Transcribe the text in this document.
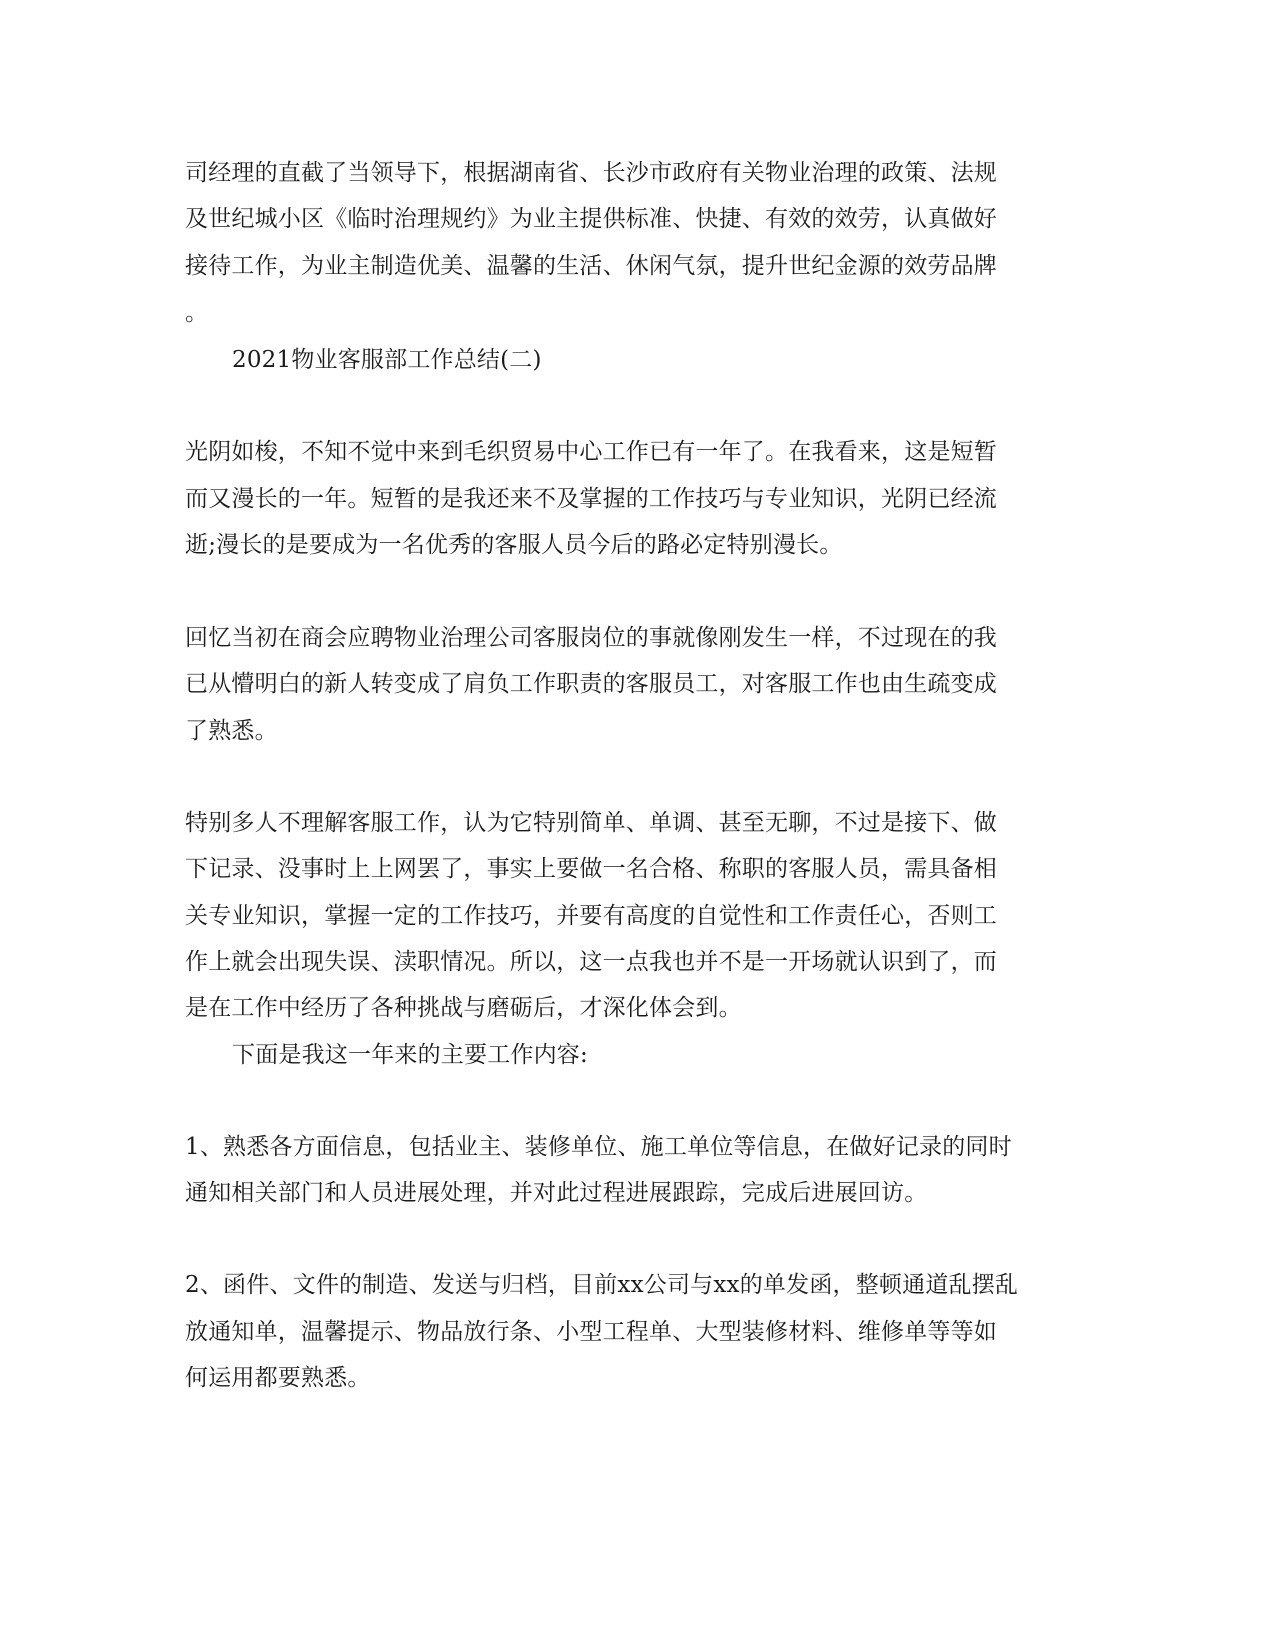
司经理的直截了当领导下，根据湖南省、长沙市政府有关物业治理的政策、法规
及世纪城小区《临时治理规约》为业主提供标准、快捷、有效的效劳，认真做好
接待工作，为业主制造优美、温馨的生活、休闲气氛，提升世纪金源的效劳品牌
。
2021物业客服部工作总结(二)
光阴如梭，不知不觉中来到毛织贸易中心工作已有一年了。在我看来，这是短暂
而又漫长的一年。短暂的是我还来不及掌握的工作技巧与专业知识，光阴已经流
逝;漫长的是要成为一名优秀的客服人员今后的路必定特别漫长。
回忆当初在商会应聘物业治理公司客服岗位的事就像刚发生一样，不过现在的我
已从懵明白的新人转变成了肩负工作职责的客服员工，对客服工作也由生疏变成
了熟悉。
特别多人不理解客服工作，认为它特别简单、单调、甚至无聊，不过是接下、做
下记录、没事时上上网罢了，事实上要做一名合格、称职的客服人员，需具备相
关专业知识，掌握一定的工作技巧，并要有高度的自觉性和工作责任心，否则工
作上就会出现失误、渎职情况。所以，这一点我也并不是一开场就认识到了，而
是在工作中经历了各种挑战与磨砺后，才深化体会到。
下面是我这一年来的主要工作内容:
1、熟悉各方面信息，包括业主、装修单位、施工单位等信息，在做好记录的同时
通知相关部门和人员进展处理，并对此过程进展跟踪，完成后进展回访。
2、函件、文件的制造、发送与归档，目前xx公司与xx的单发函，整顿通道乱摆乱
放通知单，温馨提示、物品放行条、小型工程单、大型装修材料、维修单等等如
何运用都要熟悉。
